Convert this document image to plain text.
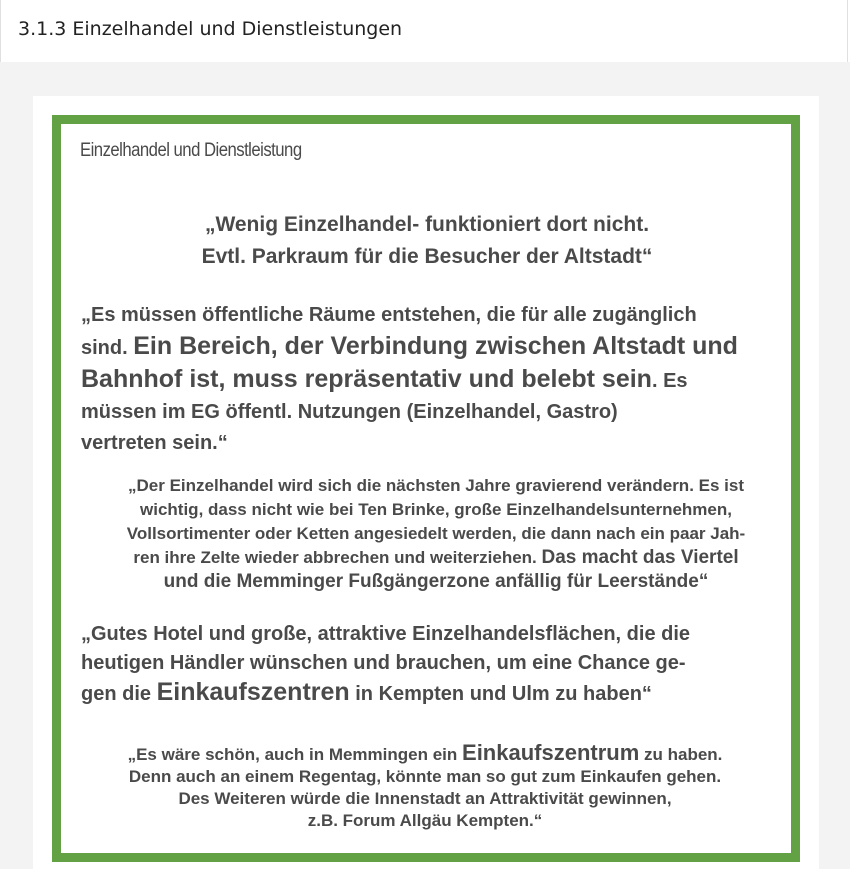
3.1.3 Einzelhandel und Dienstleistungen
Einzelhandel und Dienstleistung
„Wenig Einzelhandel- funktioniert dort nicht.
Evtl. Parkraum für die Besucher der Altstadt“
„Es müssen öffentliche Räume entstehen, die für alle zugänglich
sind. Ein Bereich, der Verbindung zwischen Altstadt und
Bahnhof ist, muss repräsentativ und belebt sein. Es
müssen im EG öffentl. Nutzungen (Einzelhandel, Gastro)
vertreten sein.“
„Der Einzelhandel wird sich die nächsten Jahre gravierend verändern. Es ist
wichtig, dass nicht wie bei Ten Brinke, große Einzelhandelsunternehmen,
Vollsortimenter oder Ketten angesiedelt werden, die dann nach ein paar Jah-
ren ihre Zelte wieder abbrechen und weiterziehen. Das macht das Viertel
und die Memminger Fußgängerzone anfällig für Leerstände“
„Gutes Hotel und große, attraktive Einzelhandelsflächen, die die
heutigen Händler wünschen und brauchen, um eine Chance ge-
gen die Einkaufszentren in Kempten und Ulm zu haben“
„Es wäre schön, auch in Memmingen ein Einkaufszentrum zu haben.
Denn auch an einem Regentag, könnte man so gut zum Einkaufen gehen.
Des Weiteren würde die Innenstadt an Attraktivität gewinnen,
z.B. Forum Allgäu Kempten.“
